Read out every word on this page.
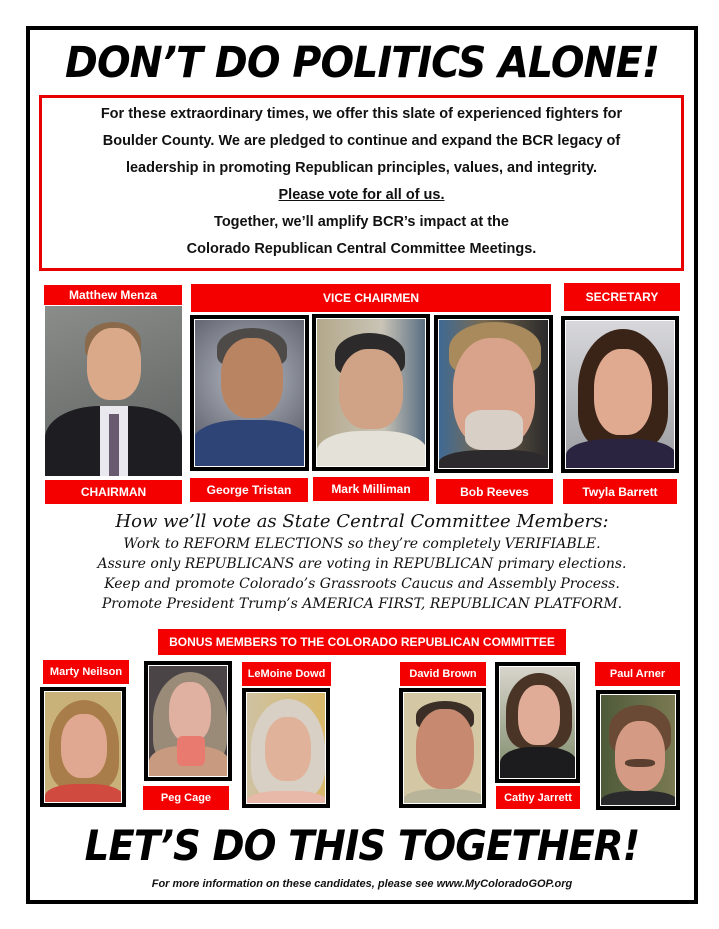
DON’T DO POLITICS ALONE!

For these extraordinary times, we offer this slate of experienced fighters for

Boulder County. We are pledged to continue and expand the BCR legacy of

leadership in promoting Republican principles, values, and integrity.

Please vote for all of us.

Together, we’ll amplify BCR’s impact at the

Colorado Republican Central Committee Meetings.

Matthew Menza
CHAIRMAN
VICE CHAIRMEN
George Tristan	Mark Milliman	Bob Reeves
SECRETARY
Twyla Barrett
How we’ll vote as State Central Committee Members:
Work to REFORM ELECTIONS so they’re completely VERIFIABLE.
Assure only REPUBLICANS are voting in REPUBLICAN primary elections.
Keep and promote Colorado’s Grassroots Caucus and Assembly Process.
Promote President Trump’s AMERICA FIRST, REPUBLICAN PLATFORM.
BONUS MEMBERS TO THE COLORADO REPUBLICAN COMMITTEE
Marty Neilson
Peg Cage
LeMoine Dowd	David Brown
Cathy Jarrett
Paul Arner
LET’S DO THIS TOGETHER!
For more information on these candidates, please see www.MyColoradoGOP.org
